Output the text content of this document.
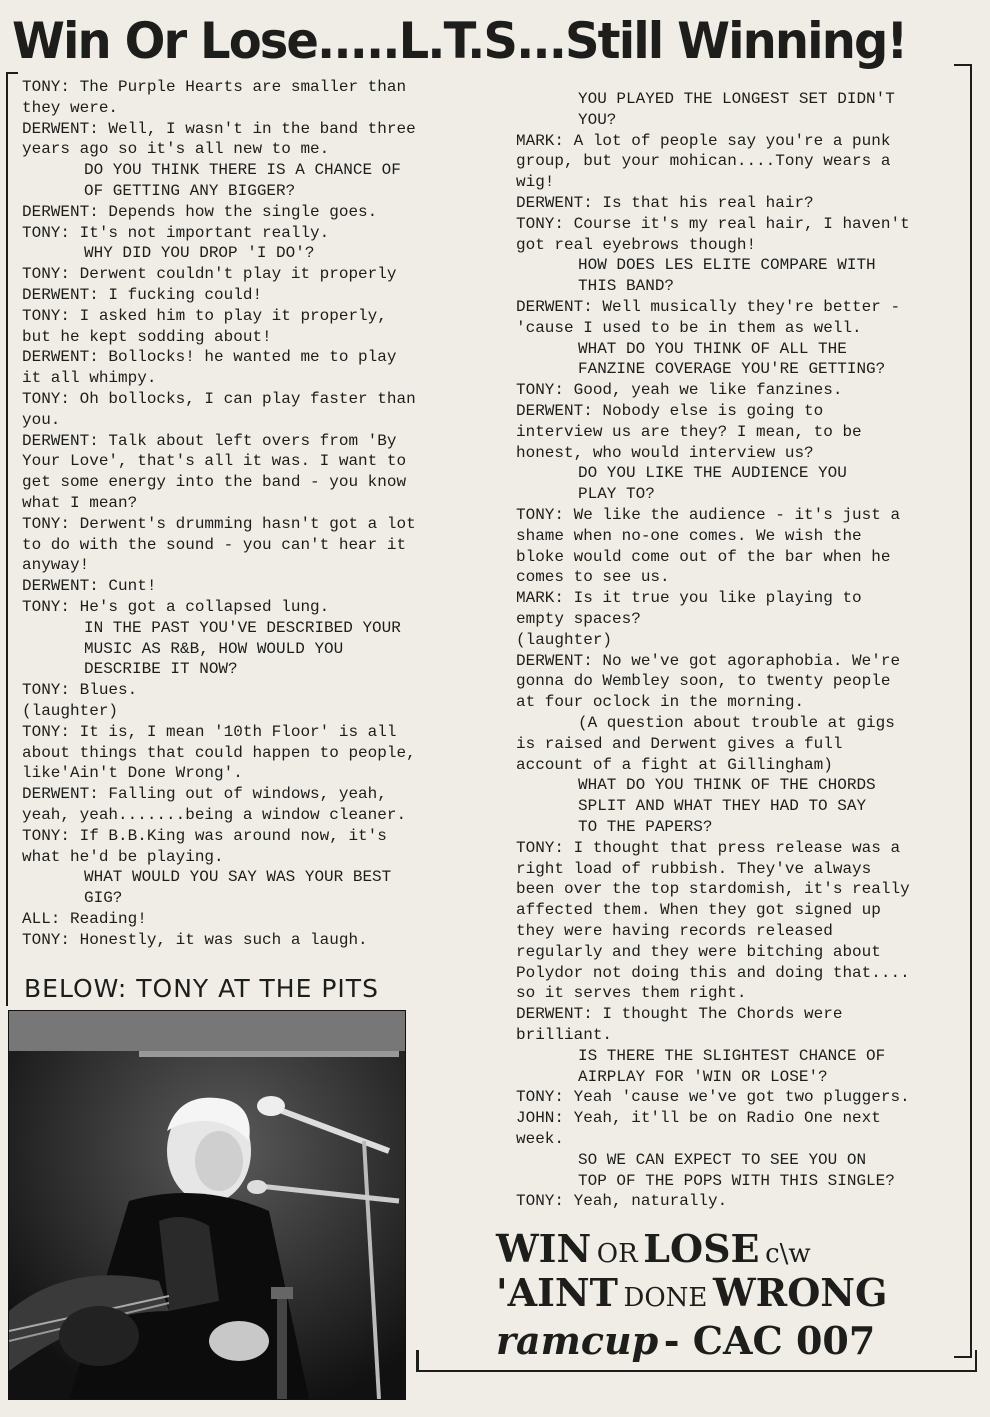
Win Or Lose.....L.T.S...Still Winning!
TONY: The Purple Hearts are smaller than
they were.
DERWENT: Well, I wasn't in the band three
years ago so it's all new to me.
DO YOU THINK THERE IS A CHANCE OF
OF GETTING ANY BIGGER?
DERWENT: Depends how the single goes.
TONY: It's not important really.
WHY DID YOU DROP 'I DO'?
TONY: Derwent couldn't play it properly
DERWENT: I fucking could!
TONY: I asked him to play it properly,
but he kept sodding about!
DERWENT: Bollocks! he wanted me to play
it all whimpy.
TONY: Oh bollocks, I can play faster than
you.
DERWENT: Talk about left overs from 'By
Your Love', that's all it was. I want to
get some energy into the band - you know
what I mean?
TONY: Derwent's drumming hasn't got a lot
to do with the sound - you can't hear it
anyway!
DERWENT: Cunt!
TONY: He's got a collapsed lung.
IN THE PAST YOU'VE DESCRIBED YOUR
MUSIC AS R&B, HOW WOULD YOU
DESCRIBE IT NOW?
TONY: Blues.
(laughter)
TONY: It is, I mean '10th Floor' is all
about things that could happen to people,
like'Ain't Done Wrong'.
DERWENT: Falling out of windows, yeah,
yeah, yeah.......being a window cleaner.
TONY: If B.B.King was around now, it's
what he'd be playing.
WHAT WOULD YOU SAY WAS YOUR BEST
GIG?
ALL: Reading!
TONY: Honestly, it was such a laugh.
YOU PLAYED THE LONGEST SET DIDN'T
YOU?
MARK: A lot of people say you're a punk
group, but your mohican....Tony wears a
wig!
DERWENT: Is that his real hair?
TONY: Course it's my real hair, I haven't
got real eyebrows though!
HOW DOES LES ELITE COMPARE WITH
THIS BAND?
DERWENT: Well musically they're better -
'cause I used to be in them as well.
WHAT DO YOU THINK OF ALL THE
FANZINE COVERAGE YOU'RE GETTING?
TONY: Good, yeah we like fanzines.
DERWENT: Nobody else is going to
interview us are they? I mean, to be
honest, who would interview us?
DO YOU LIKE THE AUDIENCE YOU
PLAY TO?
TONY: We like the audience - it's just a
shame when no-one comes. We wish the
bloke would come out of the bar when he
comes to see us.
MARK: Is it true you like playing to
empty spaces?
(laughter)
DERWENT: No we've got agoraphobia. We're
gonna do Wembley soon, to twenty people
at four oclock in the morning.
(A question about trouble at gigs
is raised and Derwent gives a full
account of a fight at Gillingham)
WHAT DO YOU THINK OF THE CHORDS
SPLIT AND WHAT THEY HAD TO SAY
TO THE PAPERS?
TONY: I thought that press release was a
right load of rubbish. They've always
been over the top stardomish, it's really
affected them. When they got signed up
they were having records released
regularly and they were bitching about
Polydor not doing this and doing that....
so it serves them right.
DERWENT: I thought The Chords were
brilliant.
IS THERE THE SLIGHTEST CHANCE OF
AIRPLAY FOR 'WIN OR LOSE'?
TONY: Yeah 'cause we've got two pluggers.
JOHN: Yeah, it'll be on Radio One next
week.
SO WE CAN EXPECT TO SEE YOU ON
TOP OF THE POPS WITH THIS SINGLE?
TONY: Yeah, naturally.
BELOW: TONY AT THE PITS
WIN OR LOSE c\w
'AINT DONE WRONG
ramcup - CAC 007
